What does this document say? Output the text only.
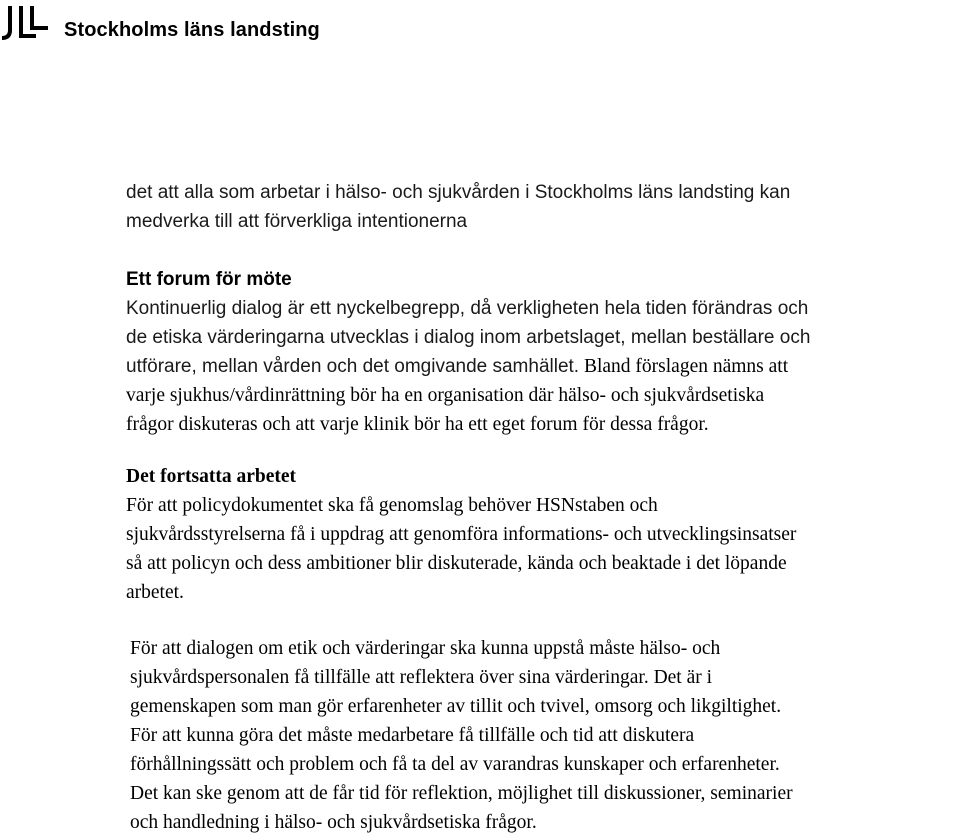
Stockholms läns landsting

det att alla som arbetar i hälso- och sjukvården i Stockholms läns landsting kan
medverka till att förverkliga intentionerna

Ett forum för möte

Kontinuerlig dialog är ett nyckelbegrepp, då verkligheten hela tiden förändras och
de etiska värderingarna utvecklas i dialog inom arbetslaget, mellan beställare och
utförare, mellan vården och det omgivande samhället. Bland förslagen nämns att
varje sjukhus/vårdinrättning bör ha en organisation där hälso- och sjukvårdsetiska
frågor diskuteras och att varje klinik bör ha ett eget forum för dessa frågor.

Det fortsatta arbetet

För att policydokumentet ska få genomslag behöver HSNstaben och
sjukvårdsstyrelserna få i uppdrag att genomföra informations- och utvecklingsinsatser
så att policyn och dess ambitioner blir diskuterade, kända och beaktade i det löpande
arbetet.

För att dialogen om etik och värderingar ska kunna uppstå måste hälso- och
sjukvårdspersonalen få tillfälle att reflektera över sina värderingar. Det är i
gemenskapen som man gör erfarenheter av tillit och tvivel, omsorg och likgiltighet.
För att kunna göra det måste medarbetare få tillfälle och tid att diskutera
förhållningssätt och problem och få ta del av varandras kunskaper och erfarenheter.
Det kan ske genom att de får tid för reflektion, möjlighet till diskussioner, seminarier
och handledning i hälso- och sjukvårdsetiska frågor.
